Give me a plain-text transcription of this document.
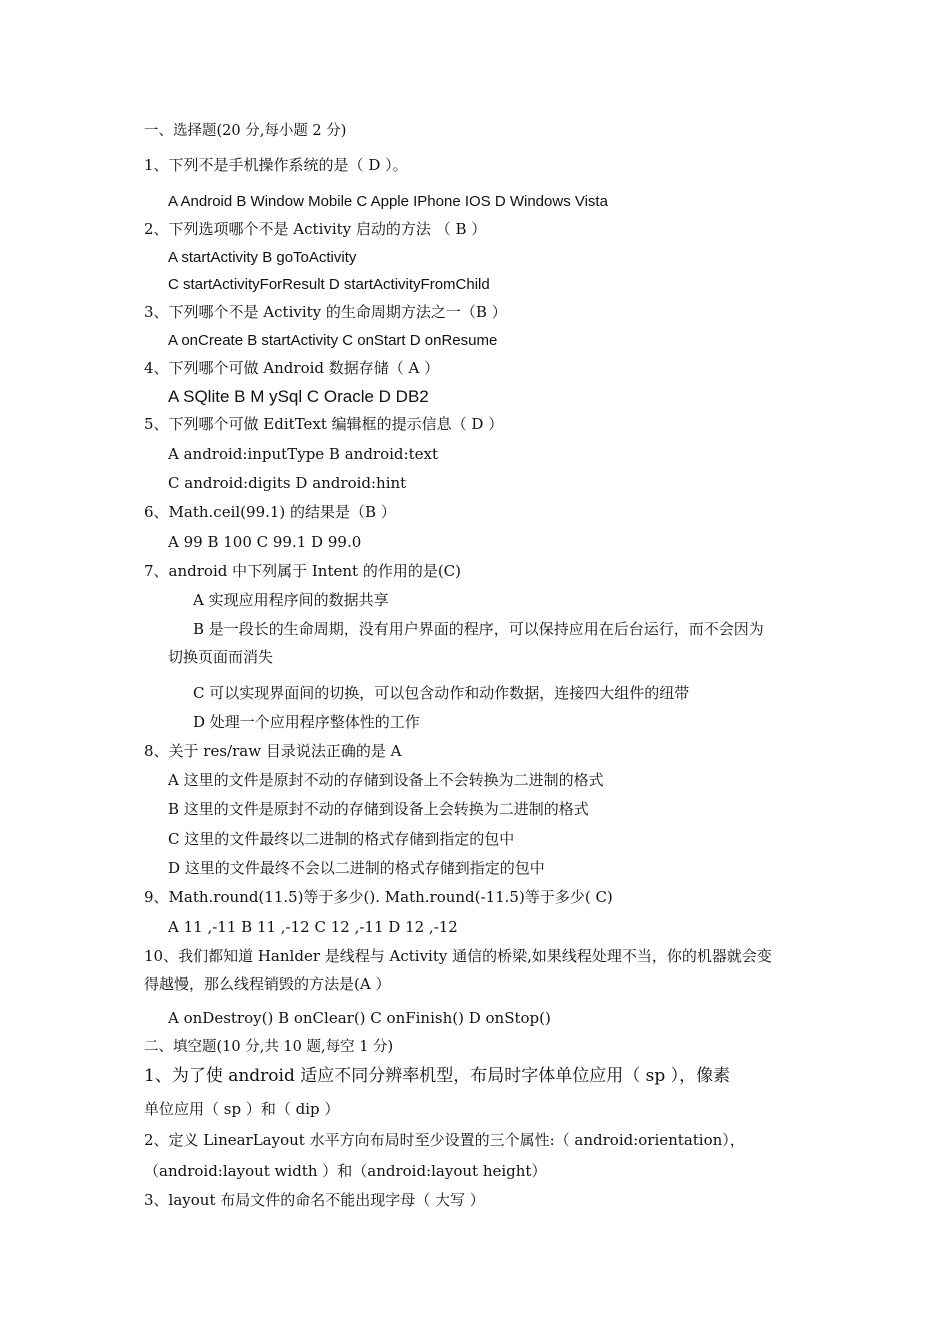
一、选择题(20 分,每小题 2 分)
1、下列不是手机操作系统的是（ D ）。
A Android B Window Mobile C Apple IPhone IOS D Windows Vista
2、下列选项哪个不是 Activity 启动的方法 （ B ）
A startActivity B goToActivity
C startActivityForResult D startActivityFromChild
3、下列哪个不是 Activity 的生命周期方法之一（B ）
A onCreate B startActivity C onStart D onResume
4、下列哪个可做 Android 数据存储（ A ）
A SQlite B M ySql C Oracle D DB2
5、下列哪个可做 EditText 编辑框的提示信息（ D ）
A android:inputType B android:text
C android:digits D android:hint
6、Math.ceil(99.1) 的结果是（B ）
A 99 B 100 C 99.1 D 99.0
7、android 中下列属于 Intent 的作用的是(C)
A 实现应用程序间的数据共享
B 是一段长的生命周期，没有用户界面的程序，可以保持应用在后台运行，而不会因为
切换页面而消失
C 可以实现界面间的切换，可以包含动作和动作数据，连接四大组件的纽带
D 处理一个应用程序整体性的工作
8、关于 res/raw 目录说法正确的是 A
A 这里的文件是原封不动的存储到设备上不会转换为二进制的格式
B 这里的文件是原封不动的存储到设备上会转换为二进制的格式
C 这里的文件最终以二进制的格式存储到指定的包中
D 这里的文件最终不会以二进制的格式存储到指定的包中
9、Math.round(11.5)等于多少(). Math.round(-11.5)等于多少( C)
A 11 ,-11 B 11 ,-12 C 12 ,-11 D 12 ,-12
10、我们都知道 Hanlder 是线程与 Activity 通信的桥梁,如果线程处理不当，你的机器就会变
得越慢，那么线程销毁的方法是(A ）
A onDestroy() B onClear() C onFinish() D onStop()
二、填空题(10 分,共 10 题,每空 1 分)
1、为了使 android 适应不同分辨率机型，布局时字体单位应用（ sp ），像素
单位应用（ sp ）和（ dip ）
2、定义 LinearLayout 水平方向布局时至少设置的三个属性:（ android:orientation），
（android:layout width ）和（android:layout height）
3、layout 布局文件的命名不能出现字母（ 大写 ）
